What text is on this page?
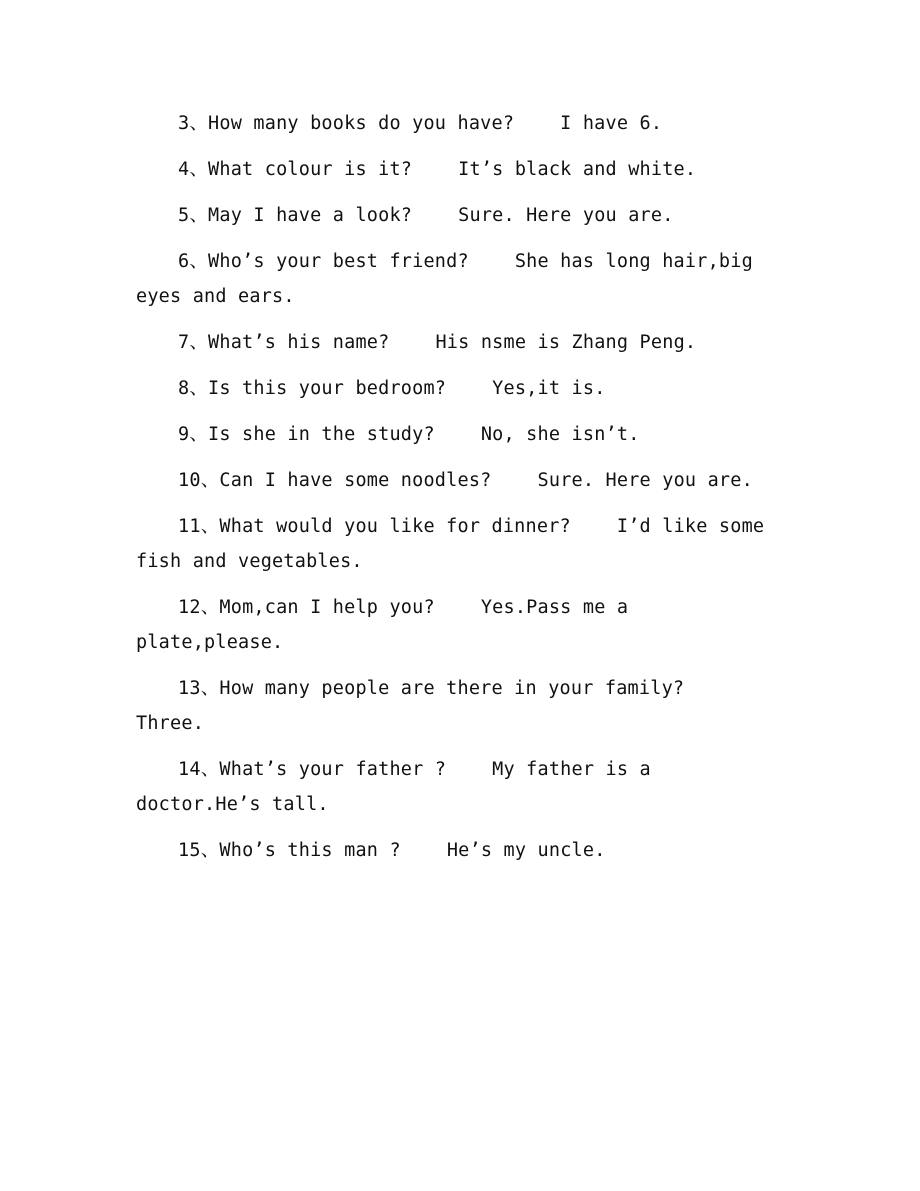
3、How many books do you have? I have 6.

4、What colour is it? It’s black and white.

5、May I have a look? Sure. Here you are.

6、Who’s your best friend? She has long hair,big eyes and ears.

7、What’s his name? His nsme is Zhang Peng.

8、Is this your bedroom? Yes,it is.

9、Is she in the study? No, she isn’t.

10、Can I have some noodles? Sure. Here you are.

11、What would you like for dinner? I’d like some fish and vegetables.

12、Mom,can I help you? Yes.Pass me a plate,please.

13、How many people are there in your family?Three.

14、What’s your father ? My father is a doctor.He’s tall.

15、Who’s this man ? He’s my uncle.
